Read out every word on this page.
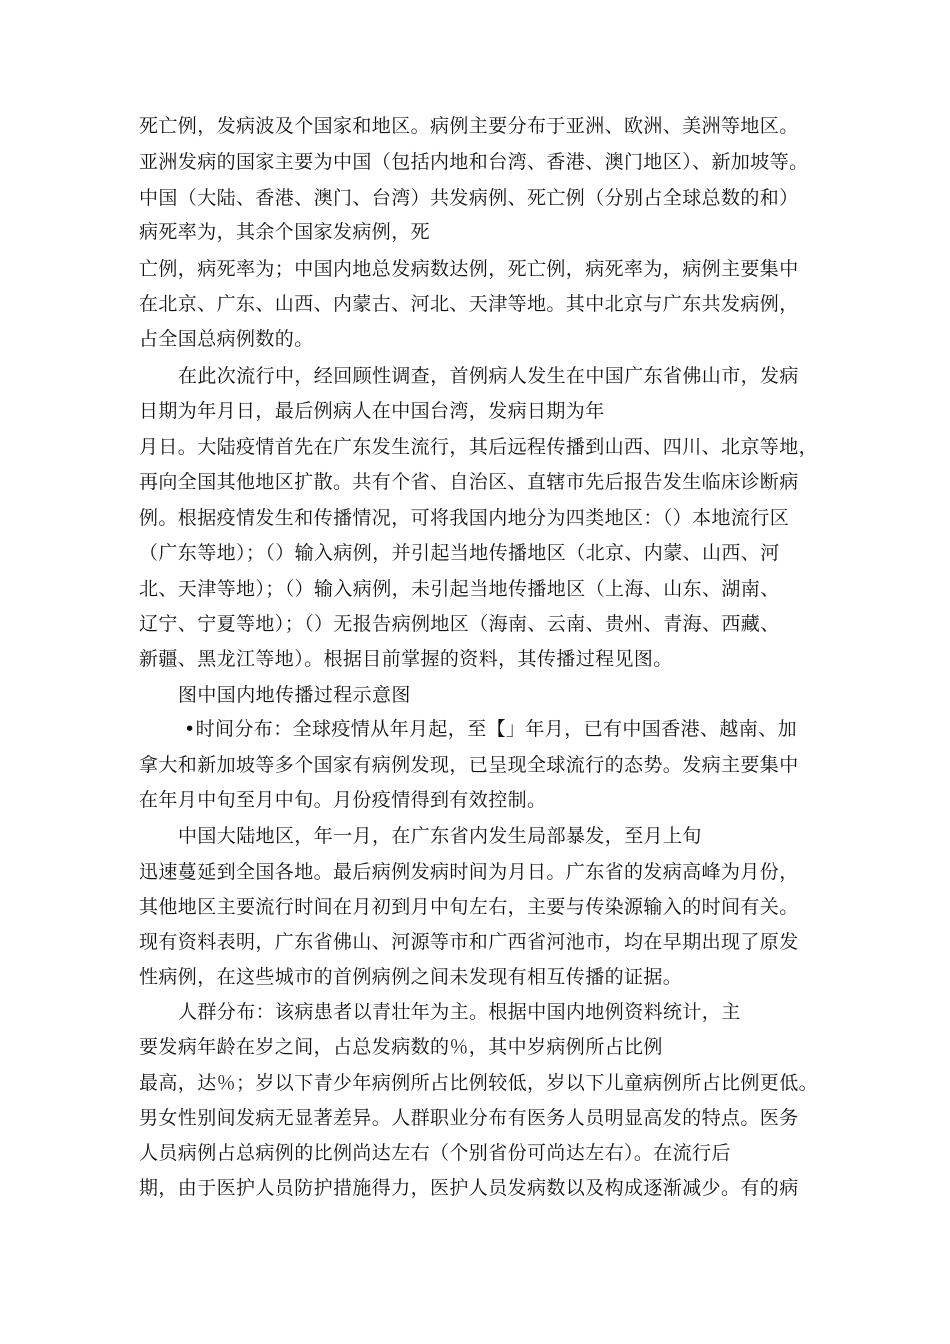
死亡例，发病波及个国家和地区。病例主要分布于亚洲、欧洲、美洲等地区。
亚洲发病的国家主要为中国（包括内地和台湾、香港、澳门地区）、新加坡等。
中国（大陆、香港、澳门、台湾）共发病例、死亡例（分别占全球总数的和）
病死率为，其余个国家发病例，死
亡例，病死率为；中国内地总发病数达例，死亡例，病死率为，病例主要集中
在北京、广东、山西、内蒙古、河北、天津等地。其中北京与广东共发病例，
占全国总病例数的。
在此次流行中，经回顾性调查，首例病人发生在中国广东省佛山市，发病
日期为年月日，最后例病人在中国台湾，发病日期为年
月日。大陆疫情首先在广东发生流行，其后远程传播到山西、四川、北京等地，
再向全国其他地区扩散。共有个省、自治区、直辖市先后报告发生临床诊断病
例。根据疫情发生和传播情况，可将我国内地分为四类地区：（）本地流行区
（广东等地）；（）输入病例，并引起当地传播地区（北京、内蒙、山西、河
北、天津等地）；（）输入病例，未引起当地传播地区（上海、山东、湖南、
辽宁、宁夏等地）；（）无报告病例地区（海南、云南、贵州、青海、西藏、
新疆、黑龙江等地）。根据目前掌握的资料，其传播过程见图。
图中国内地传播过程示意图
•时间分布：全球疫情从年月起，至【」年月，已有中国香港、越南、加
拿大和新加坡等多个国家有病例发现，已呈现全球流行的态势。发病主要集中
在年月中旬至月中旬。月份疫情得到有效控制。
中国大陆地区，年一月，在广东省内发生局部暴发，至月上旬
迅速蔓延到全国各地。最后病例发病时间为月日。广东省的发病高峰为月份，
其他地区主要流行时间在月初到月中旬左右，主要与传染源输入的时间有关。
现有资料表明，广东省佛山、河源等市和广西省河池市，均在早期出现了原发
性病例，在这些城市的首例病例之间未发现有相互传播的证据。
人群分布：该病患者以青壮年为主。根据中国内地例资料统计，主
要发病年龄在岁之间，占总发病数的％，其中岁病例所占比例
最高，达％；岁以下青少年病例所占比例较低，岁以下儿童病例所占比例更低。
男女性别间发病无显著差异。人群职业分布有医务人员明显高发的特点。医务
人员病例占总病例的比例尚达左右（个别省份可尚达左右）。在流行后
期，由于医护人员防护措施得力，医护人员发病数以及构成逐渐减少。有的病
